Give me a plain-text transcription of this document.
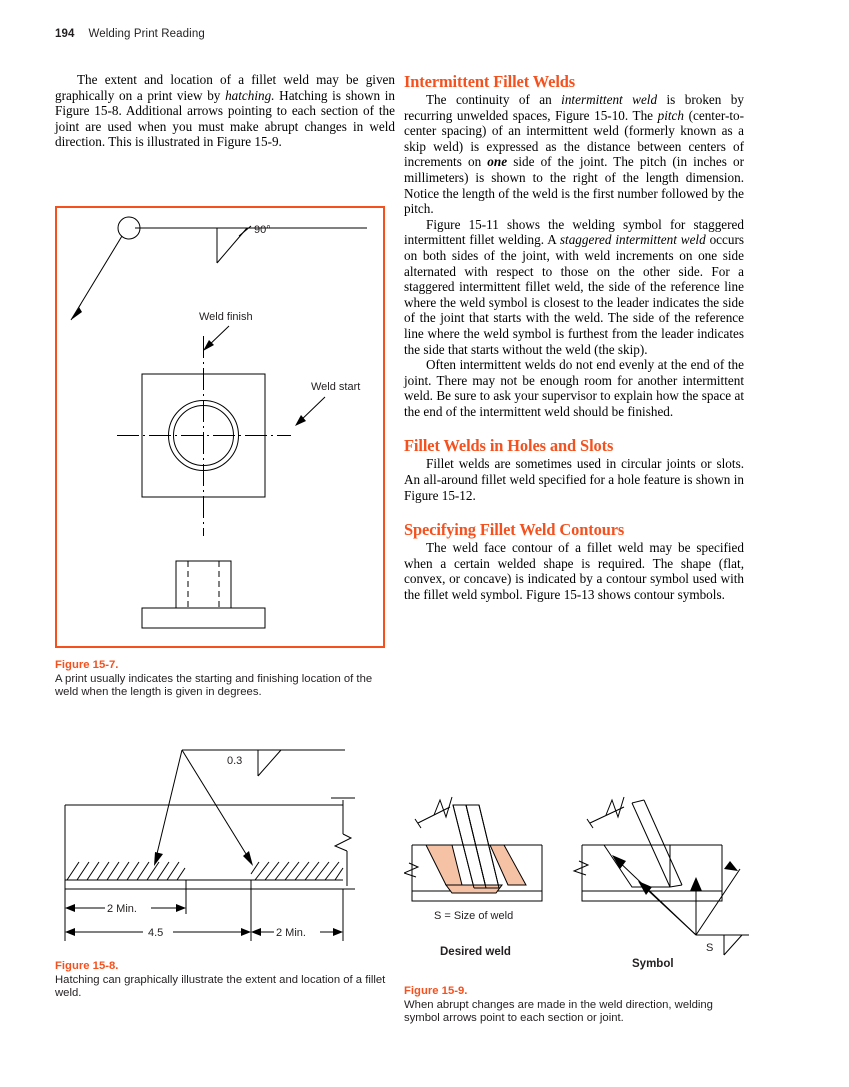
194 Welding Print Reading

The extent and location of a fillet weld may be given graphically on a print view by hatching. Hatching is shown in Figure 15-8. Additional arrows pointing to each section of the joint are used when you must make abrupt changes in weld direction. This is illustrated in Figure 15-9.

90°
Weld finish
Weld start
Figure 15-7.
A print usually indicates the starting and finishing location of the weld when the length is given in degrees.
0.3
2 Min.
4.5	2 Min.
Figure 15-8.
Hatching can graphically illustrate the extent and location of a fillet weld.
Intermittent Fillet Welds

The continuity of an intermittent weld is broken by recurring unwelded spaces, Figure 15-10. The pitch (center-to-center spacing) of an intermittent weld (formerly known as a skip weld) is expressed as the distance between centers of increments on one side of the joint. The pitch (in inches or millimeters) is shown to the right of the length dimension. Notice the length of the weld is the first number followed by the pitch.

Figure 15-11 shows the welding symbol for staggered intermittent fillet welding. A staggered intermittent weld occurs on both sides of the joint, with weld increments on one side alternated with respect to those on the other side. For a staggered intermittent fillet weld, the side of the reference line where the weld symbol is closest to the leader indicates the side of the joint that starts with the weld. The side of the reference line where the weld symbol is furthest from the leader indicates the side that starts without the weld (the skip).

Often intermittent welds do not end evenly at the end of the joint. There may not be enough room for another intermittent weld. Be sure to ask your supervisor to explain how the space at the end of the intermittent weld should be finished.

Fillet Welds in Holes and Slots

Fillet welds are sometimes used in circular joints or slots. An all-around fillet weld specified for a hole feature is shown in Figure 15-12.

Specifying Fillet Weld Contours

The weld face contour of a fillet weld may be specified when a certain welded shape is required. The shape (flat, convex, or concave) is indicated by a contour symbol used with the fillet weld symbol. Figure 15-13 shows contour symbols.

S = Size of weld
Desired weld	S
Symbol
Figure 15-9.
When abrupt changes are made in the weld direction, welding symbol arrows point to each section or joint.
